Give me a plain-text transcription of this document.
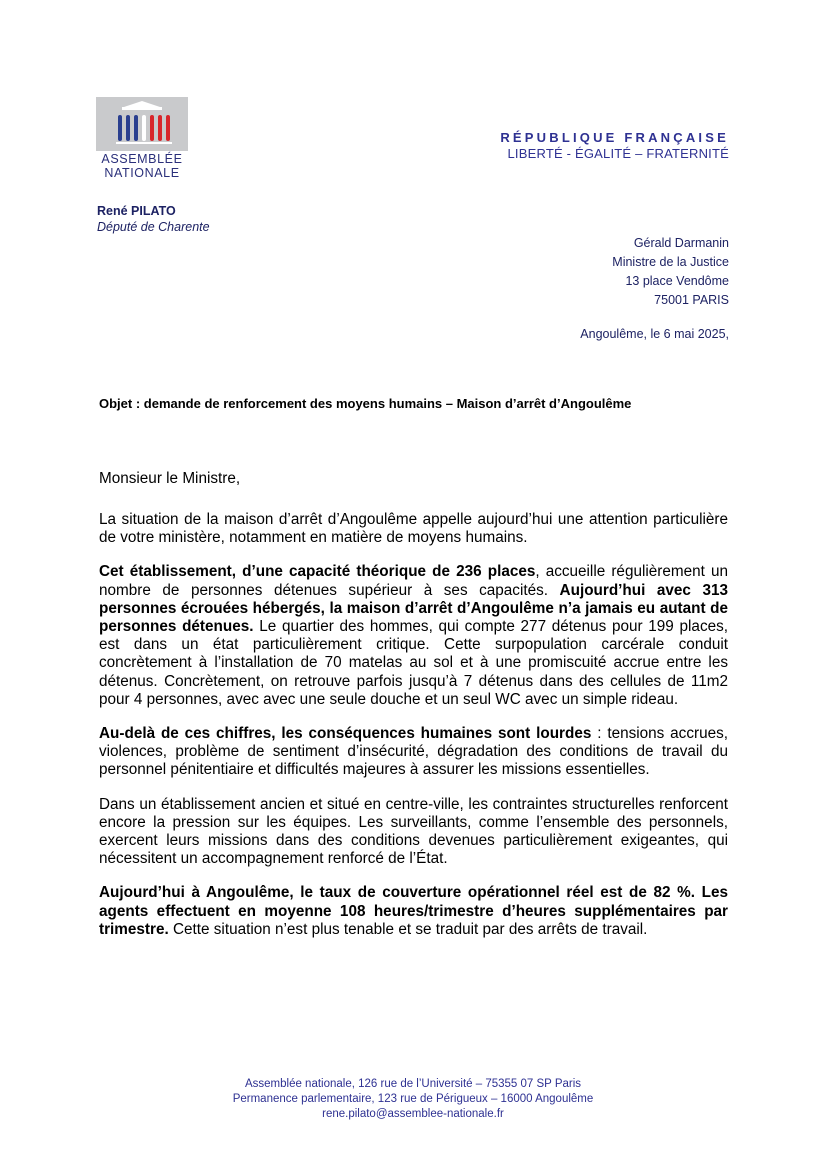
ASSEMBLÉE
NATIONALE
RÉPUBLIQUE FRANÇAISE
LIBERTÉ - ÉGALITÉ – FRATERNITÉ
René PILATO
Député de Charente
Gérald Darmanin
Ministre de la Justice
13 place Vendôme
75001 PARIS
Angoulême, le 6 mai 2025,
Objet : demande de renforcement des moyens humains – Maison d’arrêt d’Angoulême
Monsieur le Ministre,

La situation de la maison d’arrêt d’Angoulême appelle aujourd’hui une attention particulière de votre ministère, notamment en matière de moyens humains.

Cet établissement, d’une capacité théorique de 236 places, accueille régulièrement un nombre de personnes détenues supérieur à ses capacités. Aujourd’hui avec 313 personnes écrouées hébergés, la maison d’arrêt d’Angoulême n’a jamais eu autant de personnes détenues. Le quartier des hommes, qui compte 277 détenus pour 199 places, est dans un état particulièrement critique. Cette surpopulation carcérale conduit concrètement à l’installation de 70 matelas au sol et à une promiscuité accrue entre les détenus. Concrètement, on retrouve parfois jusqu’à 7 détenus dans des cellules de 11m2 pour 4 personnes, avec avec une seule douche et un seul WC avec un simple rideau.

Au-delà de ces chiffres, les conséquences humaines sont lourdes : tensions accrues, violences, problème de sentiment d’insécurité, dégradation des conditions de travail du personnel pénitentiaire et difficultés majeures à assurer les missions essentielles.

Dans un établissement ancien et situé en centre-ville, les contraintes structurelles renforcent encore la pression sur les équipes. Les surveillants, comme l’ensemble des personnels, exercent leurs missions dans des conditions devenues particulièrement exigeantes, qui nécessitent un accompagnement renforcé de l’État.

Aujourd’hui à Angoulême, le taux de couverture opérationnel réel est de 82 %. Les agents effectuent en moyenne 108 heures/trimestre d’heures supplémentaires par trimestre. Cette situation n’est plus tenable et se traduit par des arrêts de travail.

Assemblée nationale, 126 rue de l’Université – 75355 07 SP Paris
Permanence parlementaire, 123 rue de Périgueux – 16000 Angoulême
rene.pilato@assemblee-nationale.fr
